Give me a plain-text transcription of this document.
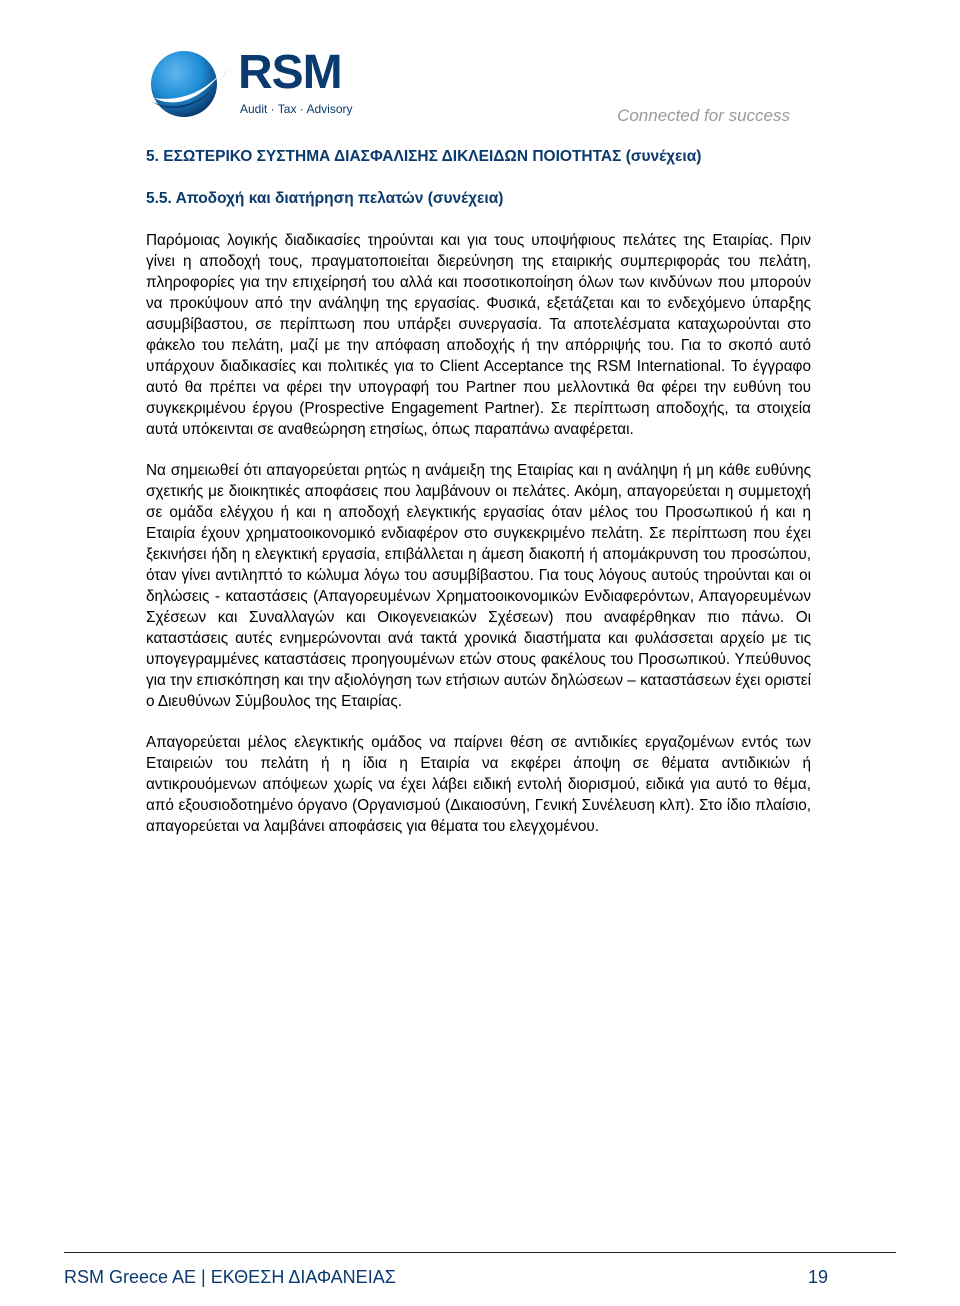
RSM
Audit · Tax · Advisory	Connected for success
5. ΕΣΩΤΕΡΙΚΟ ΣΥΣΤΗΜΑ ΔΙΑΣΦΑΛΙΣΗΣ ΔΙΚΛΕΙΔΩΝ ΠΟΙΟΤΗΤΑΣ (συνέχεια)
5.5. Αποδοχή και διατήρηση πελατών (συνέχεια)

Παρόμοιας λογικής διαδικασίες τηρούνται και για τους υποψήφιους πελάτες της Εταιρίας. Πριν γίνει η αποδοχή τους, πραγματοποιείται διερεύνηση της εταιρικής συμπεριφοράς του πελάτη, πληροφορίες για την επιχείρησή του αλλά και ποσοτικοποίηση όλων των κινδύνων που μπορούν να προκύψουν από την ανάληψη της εργασίας. Φυσικά, εξετάζεται και το ενδεχόμενο ύπαρξης ασυμβίβαστου, σε περίπτωση που υπάρξει συνεργασία. Τα αποτελέσματα καταχωρούνται στο φάκελο του πελάτη, μαζί με την απόφαση αποδοχής ή την απόρριψής του. Για το σκοπό αυτό υπάρχουν διαδικασίες και πολιτικές για το Client Acceptance της RSM International. Το έγγραφο αυτό θα πρέπει να φέρει την υπογραφή του Partner που μελλοντικά θα φέρει την ευθύνη του συγκεκριμένου έργου (Prospective Engagement Partner). Σε περίπτωση αποδοχής, τα στοιχεία αυτά υπόκεινται σε αναθεώρηση ετησίως, όπως παραπάνω αναφέρεται.

Να σημειωθεί ότι απαγορεύεται ρητώς η ανάμειξη της Εταιρίας και η ανάληψη ή μη κάθε ευθύνης σχετικής με διοικητικές αποφάσεις που λαμβάνουν οι πελάτες. Ακόμη, απαγορεύεται η συμμετοχή σε ομάδα ελέγχου ή και η αποδοχή ελεγκτικής εργασίας όταν μέλος του Προσωπικού ή και η Εταιρία έχουν χρηματοοικονομικό ενδιαφέρον στο συγκεκριμένο πελάτη. Σε περίπτωση που έχει ξεκινήσει ήδη η ελεγκτική εργασία, επιβάλλεται η άμεση διακοπή ή απομάκρυνση του προσώπου, όταν γίνει αντιληπτό το κώλυμα λόγω του ασυμβίβαστου. Για τους λόγους αυτούς τηρούνται και οι δηλώσεις - καταστάσεις (Απαγορευμένων Χρηματοοικονομικών Ενδιαφερόντων, Απαγορευμένων Σχέσεων και Συναλλαγών και Οικογενειακών Σχέσεων) που αναφέρθηκαν πιο πάνω. Οι καταστάσεις αυτές ενημερώνονται ανά τακτά χρονικά διαστήματα και φυλάσσεται αρχείο με τις υπογεγραμμένες καταστάσεις προηγουμένων ετών στους φακέλους του Προσωπικού. Υπεύθυνος για την επισκόπηση και την αξιολόγηση των ετήσιων αυτών δηλώσεων – καταστάσεων έχει οριστεί ο Διευθύνων Σύμβουλος της Εταιρίας.

Απαγορεύεται μέλος ελεγκτικής ομάδος να παίρνει θέση σε αντιδικίες εργαζομένων εντός των Εταιρειών του πελάτη ή η ίδια η Εταιρία να εκφέρει άποψη σε θέματα αντιδικιών ή αντικρουόμενων απόψεων χωρίς να έχει λάβει ειδική εντολή διορισμού, ειδικά για αυτό το θέμα, από εξουσιοδοτημένο όργανο (Οργανισμού (Δικαιοσύνη, Γενική Συνέλευση κλπ). Στο ίδιο πλαίσιο, απαγορεύεται να λαμβάνει αποφάσεις για θέματα του ελεγχομένου.

RSM Greece AE | ΕΚΘΕΣΗ ΔΙΑΦΑΝΕΙΑΣ	19
